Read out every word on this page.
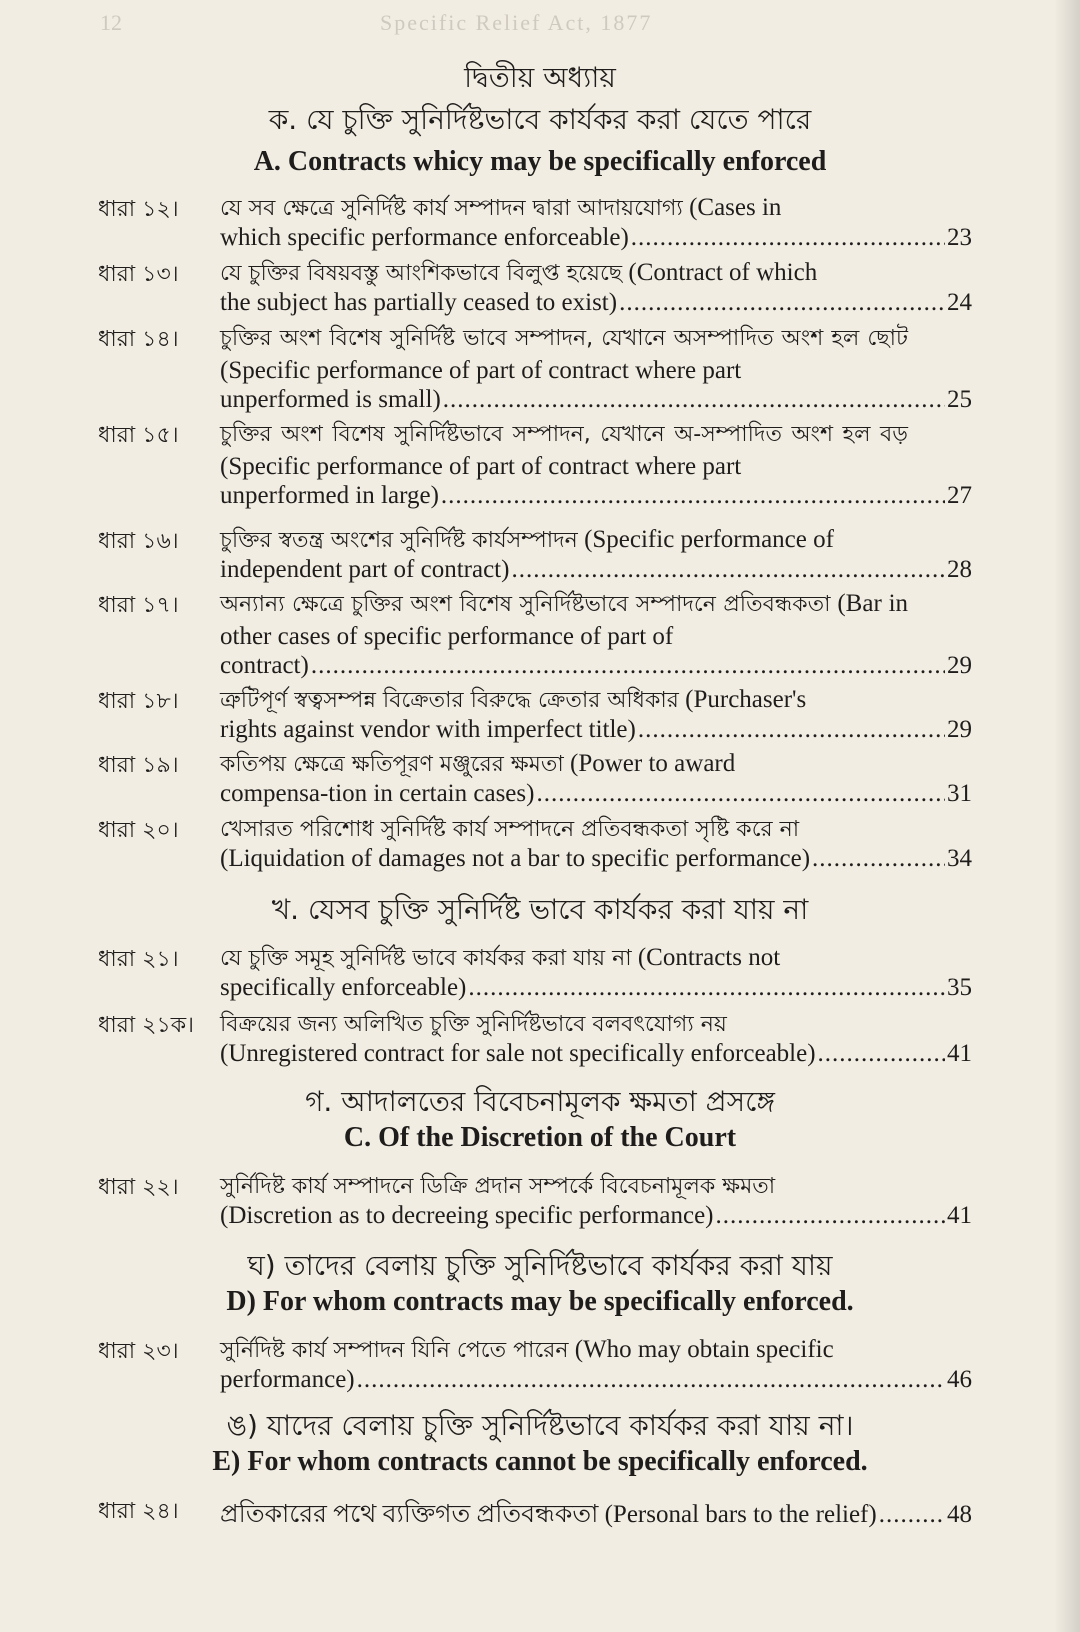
12	Specific Relief Act, 1877
দ্বিতীয় অধ্যায়
ক. যে চুক্তি সুনির্দিষ্টভাবে কার্যকর করা যেতে পারে
A. Contracts whicy may be specifically enforced
ধারা ১২।	যে সব ক্ষেত্রে সুনির্দিষ্ট কার্য সম্পাদন দ্বারা আদায়যোগ্য (Cases in
which specific performance enforceable) .....	23
ধারা ১৩।	যে চুক্তির বিষয়বস্তু আংশিকভাবে বিলুপ্ত হয়েছে (Contract of which
the subject has partially ceased to exist) .....	24
ধারা ১৪।	চুক্তির অংশ বিশেষ সুনির্দিষ্ট ভাবে সম্পাদন, যেখানে অসম্পাদিত অংশ হল ছোট (Specific performance of part of contract where part
unperformed is small) .....	25
ধারা ১৫।	চুক্তির অংশ বিশেষ সুনির্দিষ্টভাবে সম্পাদন, যেখানে অ-সম্পাদিত অংশ হল বড় (Specific performance of part of contract where part
unperformed in large) .....	27
ধারা ১৬।	চুক্তির স্বতন্ত্র অংশের সুনির্দিষ্ট কার্যসম্পাদন (Specific performance of
independent part of contract) .....	28
ধারা ১৭।	অন্যান্য ক্ষেত্রে চুক্তির অংশ বিশেষ সুনির্দিষ্টভাবে সম্পাদনে প্রতিবন্ধকতা (Bar in other cases of specific performance of part of
contract) .....	29
ধারা ১৮।	ত্রুটিপূর্ণ স্বত্বসম্পন্ন বিক্রেতার বিরুদ্ধে ক্রেতার অধিকার (Purchaser's
rights against vendor with imperfect title) .....	29
ধারা ১৯।	কতিপয় ক্ষেত্রে ক্ষতিপূরণ মঞ্জুরের ক্ষমতা (Power to award
compensa-tion in certain cases) .....	31
ধারা ২০।	খেসারত পরিশোধ সুনির্দিষ্ট কার্য সম্পাদনে প্রতিবন্ধকতা সৃষ্টি করে না
(Liquidation of damages not a bar to specific performance) .....	34
খ. যেসব চুক্তি সুনির্দিষ্ট ভাবে কার্যকর করা যায় না
ধারা ২১।	যে চুক্তি সমূহ সুনির্দিষ্ট ভাবে কার্যকর করা যায় না (Contracts not
specifically enforceable) .....	35
ধারা ২১ক।	বিক্রয়ের জন্য অলিখিত চুক্তি সুনির্দিষ্টভাবে বলবৎযোগ্য নয়
(Unregistered contract for sale not specifically enforceable) .....	41
গ. আদালতের বিবেচনামূলক ক্ষমতা প্রসঙ্গে
C. Of the Discretion of the Court
ধারা ২২।	সুর্নিদিষ্ট কার্য সম্পাদনে ডিক্রি প্রদান সম্পর্কে বিবেচনামূলক ক্ষমতা
(Discretion as to decreeing specific performance) .....	41
ঘ) তাদের বেলায় চুক্তি সুনির্দিষ্টভাবে কার্যকর করা যায়
D) For whom contracts may be specifically enforced.
ধারা ২৩।	সুর্নিদিষ্ট কার্য সম্পাদন যিনি পেতে পারেন (Who may obtain specific
performance) .....	46
ঙ) যাদের বেলায় চুক্তি সুনির্দিষ্টভাবে কার্যকর করা যায় না।
E) For whom contracts cannot be specifically enforced.
ধারা ২৪।	প্রতিকারের পথে ব্যক্তিগত প্রতিবন্ধকতা (Personal bars to the relief) .....	48
